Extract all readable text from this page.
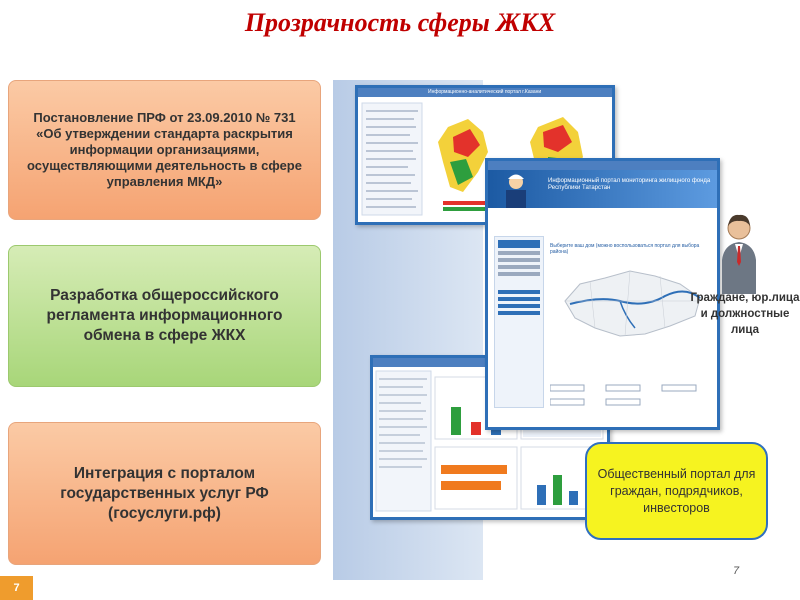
Прозрачность сферы ЖКХ
Постановление ПРФ от 23.09.2010 № 731 «Об утверждении стандарта раскрытия информации организациями, осуществляющими деятельность в сфере управления МКД»
Разработка общероссийского регламента информационного обмена в сфере ЖКХ
Интеграция с порталом государственных услуг РФ (госуслуги.рф)
Информационно-аналитический портал г.Казани
Информационный портал мониторинга жилищного фонда Республики Татарстан
Выберите ваш дом (можно воспользоваться портал для выбора района)
Граждане, юр.лица и должностные лица
Общественный портал для граждан, подрядчиков, инвесторов
7
7
